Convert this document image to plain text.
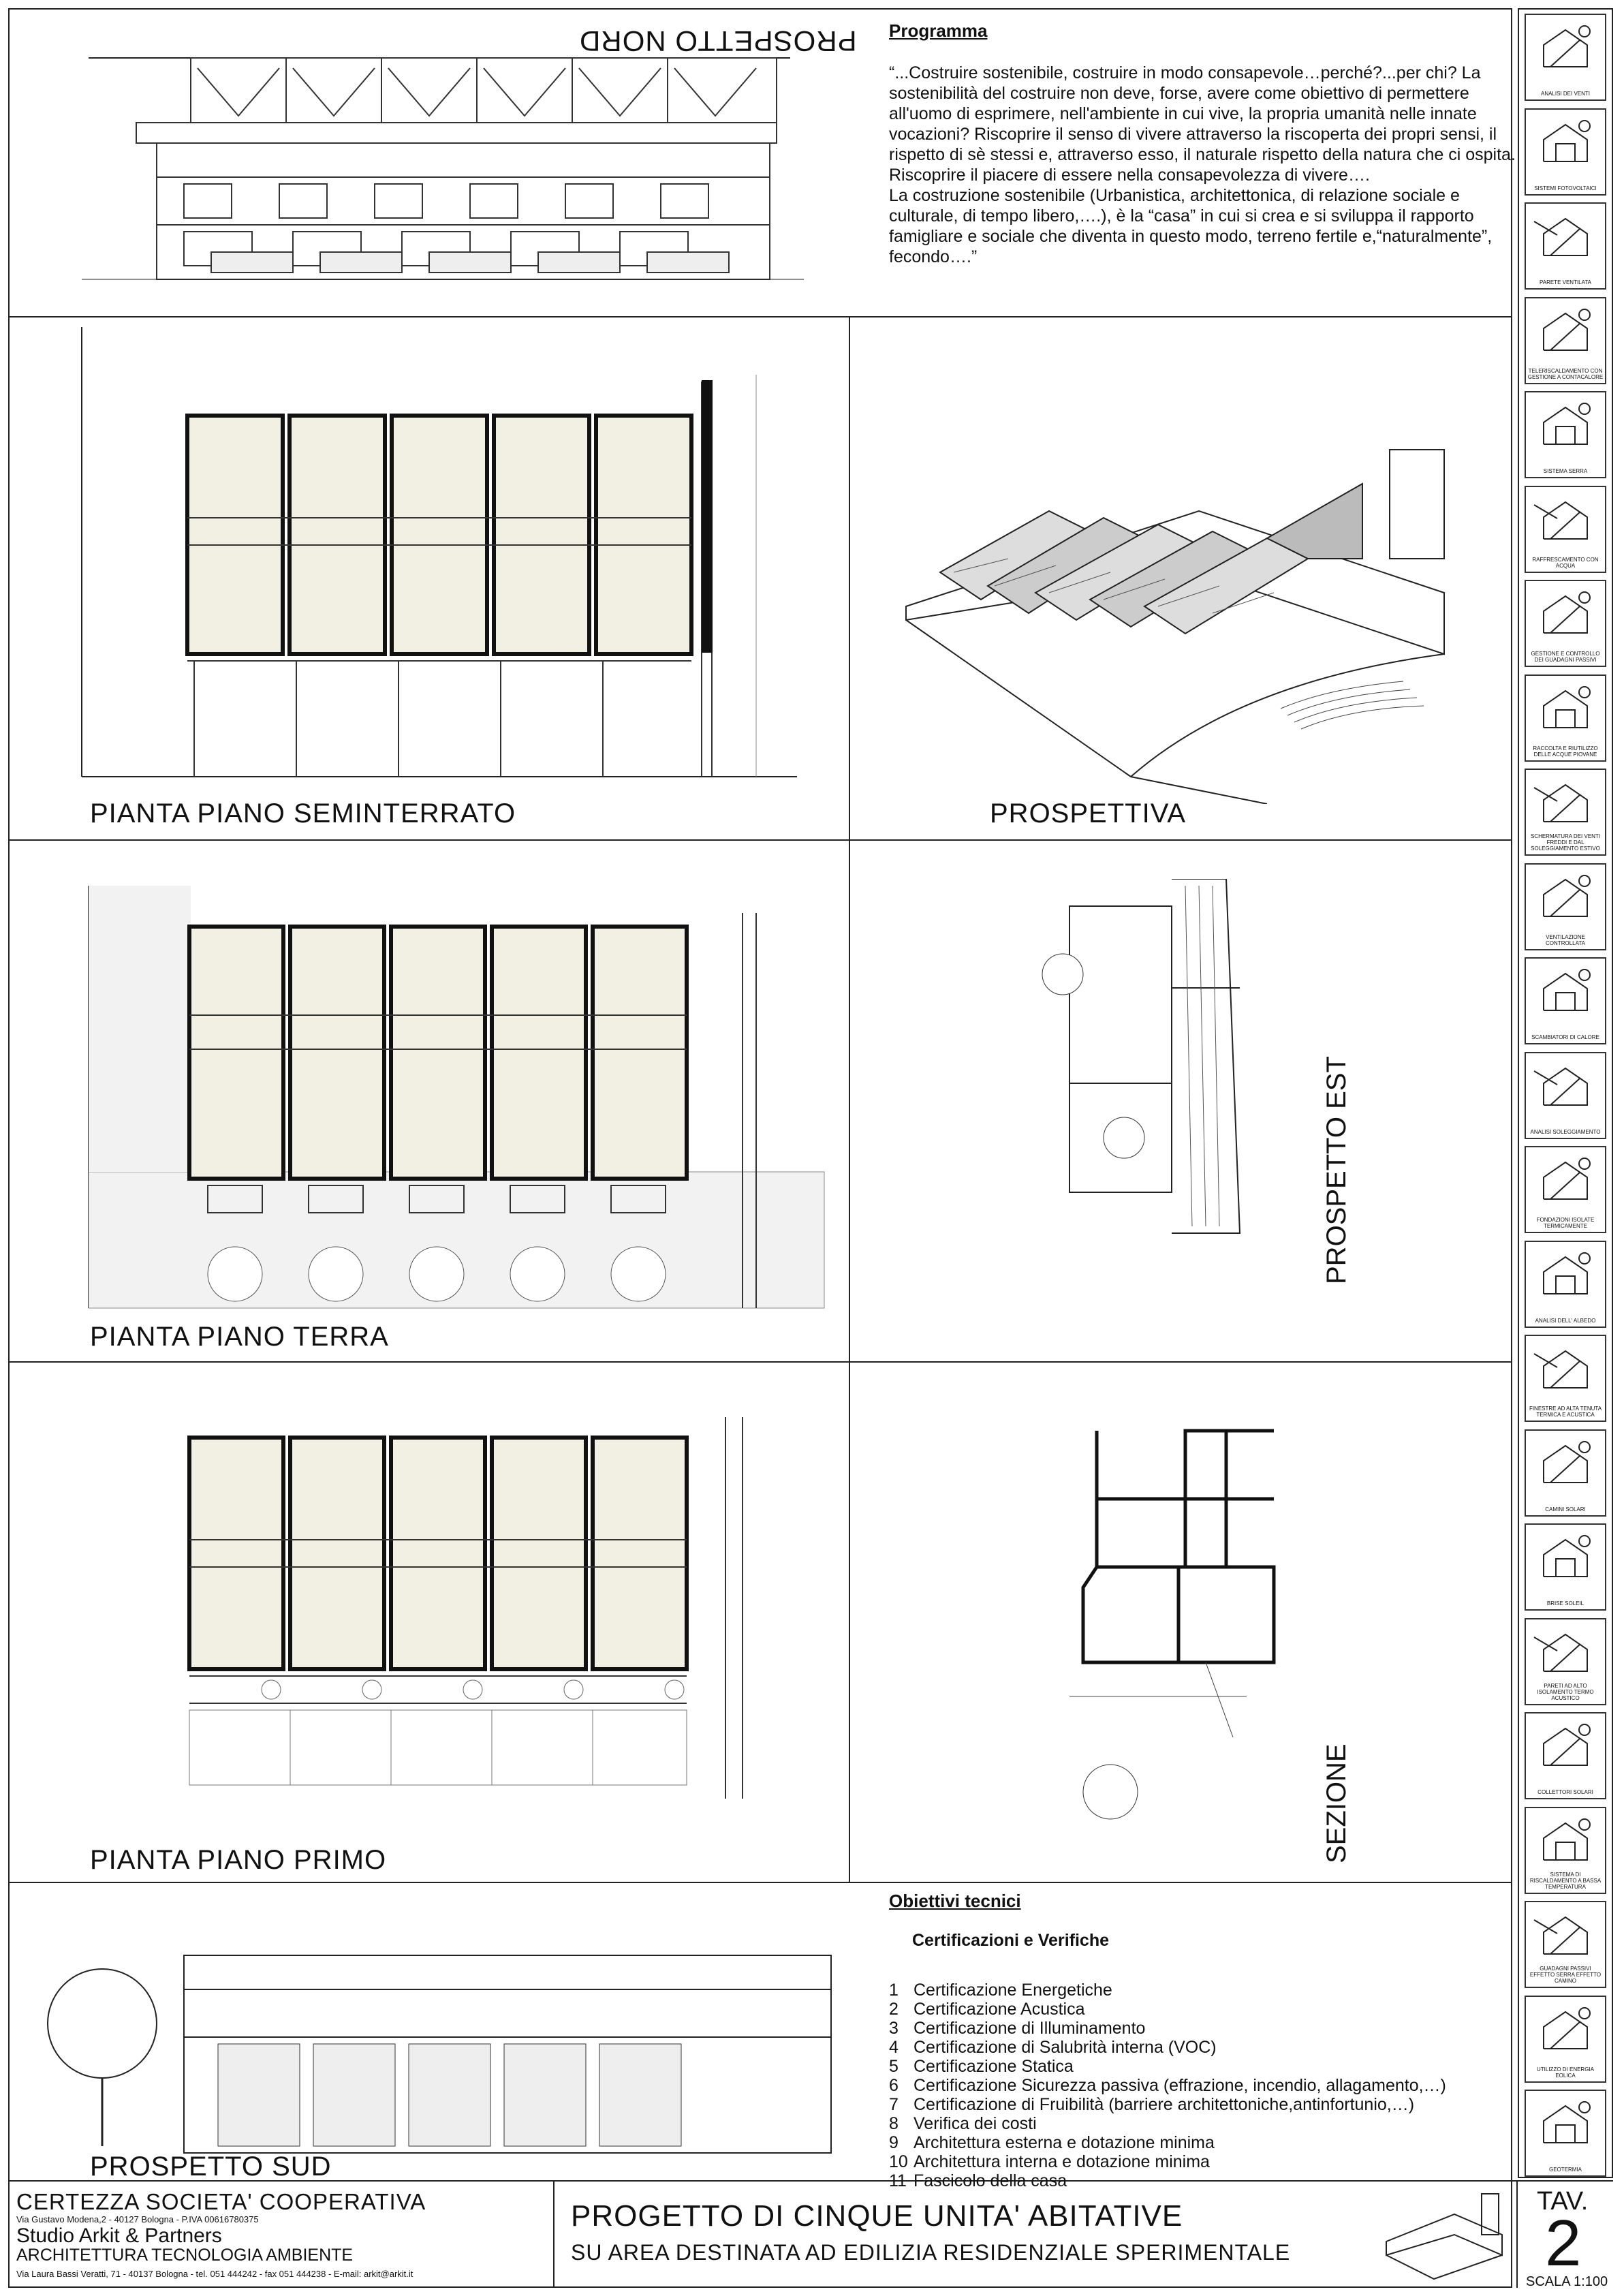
PROSPETTO NORD Programma

“...Costruire sostenibile, costruire in modo consapevole…perché?...per chi? La sostenibilità del costruire non deve, forse, avere come obiettivo di permettere all'uomo di esprimere, nell'ambiente in cui vive, la propria umanità nelle innate vocazioni? Riscoprire il senso di vivere attraverso la riscoperta dei propri sensi, il rispetto di sè stessi e, attraverso esso, il naturale rispetto della natura che ci ospita.

Riscoprire il piacere di essere nella consapevolezza di vivere….

La costruzione sostenibile (Urbanistica, architettonica, di relazione sociale e culturale, di tempo libero,….), è la “casa” in cui si crea e si sviluppa il rapporto famigliare e sociale che diventa in questo modo, terreno fertile e,“naturalmente”, fecondo….”

PIANTA PIANO SEMINTERRATO	PROSPETTIVA
PIANTA PIANO TERRA
PROSPETTO EST
PIANTA PIANO PRIMO	SEZIONE
PROSPETTO SUD
Obiettivi tecnici
Certificazioni e Verifiche
1 Certificazione Energetiche
2 Certificazione Acustica
3 Certificazione di Illuminamento
4 Certificazione di Salubrità interna (VOC)
5 Certificazione Statica
6 Certificazione Sicurezza passiva (effrazione, incendio, allagamento,…)
7 Certificazione di Fruibilità (barriere architettoniche,antinfortunio,…)
8 Verifica dei costi
9 Architettura esterna e dotazione minima
10 Architettura interna e dotazione minima
11 Fascicolo della casa
ANALISI DEI VENTI
SISTEMI FOTOVOLTAICI
PARETE VENTILATA
TELERISCALDAMENTO CON GESTIONE A CONTACALORE
SISTEMA SERRA
RAFFRESCAMENTO CON ACQUA
GESTIONE E CONTROLLO DEI GUADAGNI PASSIVI
RACCOLTA E RIUTILIZZO DELLE ACQUE PIOVANE
SCHERMATURA DEI VENTI FREDDI E DAL SOLEGGIAMENTO ESTIVO
VENTILAZIONE CONTROLLATA
SCAMBIATORI DI CALORE
ANALISI SOLEGGIAMENTO
FONDAZIONI ISOLATE TERMICAMENTE
ANALISI DELL' ALBEDO
FINESTRE AD ALTA TENUTA TERMICA E ACUSTICA
CAMINI SOLARI
BRISE SOLEIL
PARETI AD ALTO ISOLAMENTO TERMO ACUSTICO
COLLETTORI SOLARI
SISTEMA DI RISCALDAMENTO A BASSA TEMPERATURA
GUADAGNI PASSIVI EFFETTO SERRA EFFETTO CAMINO
UTILIZZO DI ENERGIA EOLICA
GEOTERMIA
CERTEZZA SOCIETA' COOPERATIVA
Via Gustavo Modena,2 - 40127 Bologna - P.IVA 00616780375
Studio Arkit & Partners
ARCHITETTURA TECNOLOGIA AMBIENTE
Via Laura Bassi Veratti, 71 - 40137 Bologna - tel. 051 444242 - fax 051 444238 - E-mail: arkit@arkit.it
PROGETTO DI CINQUE UNITA' ABITATIVE
SU AREA DESTINATA AD EDILIZIA RESIDENZIALE SPERIMENTALE
TAV.
2
SCALA 1:100
